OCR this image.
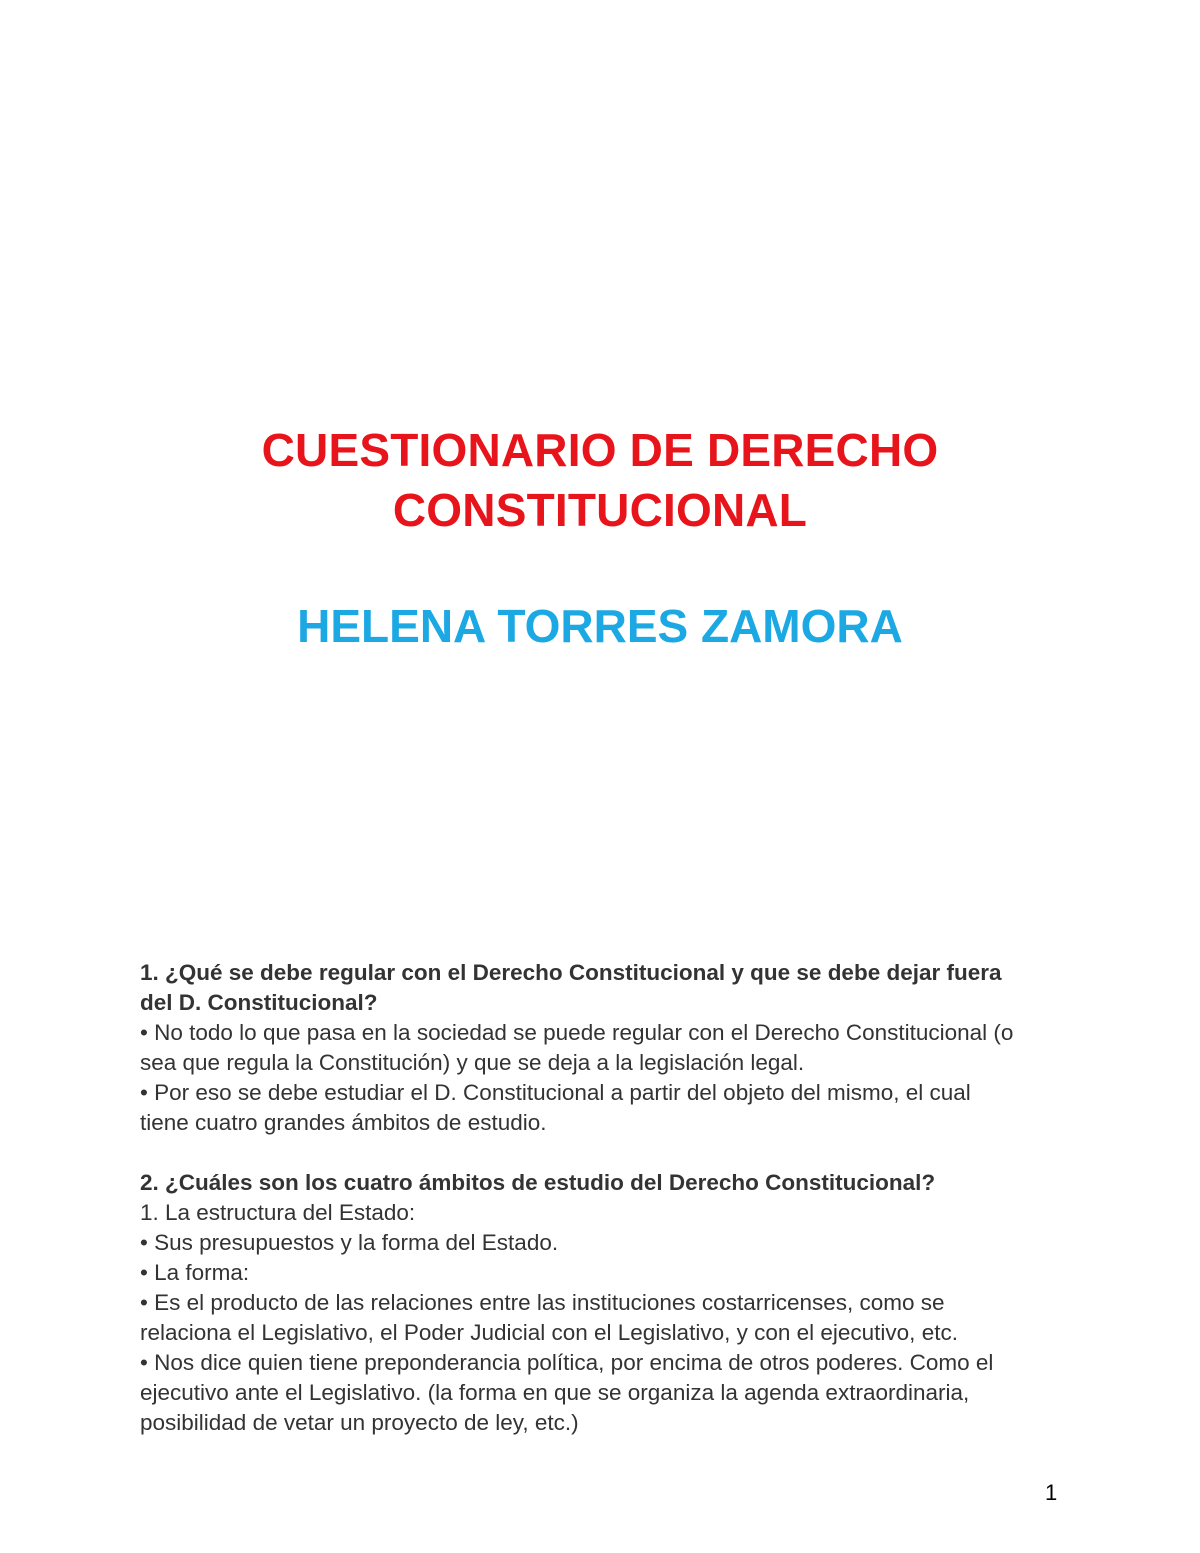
CUESTIONARIO DE DERECHO
CONSTITUCIONAL
HELENA TORRES ZAMORA

1. ¿Qué se debe regular con el Derecho Constitucional y que se debe dejar fuera

del D. Constitucional?

• No todo lo que pasa en la sociedad se puede regular con el Derecho Constitucional (o

sea que regula la Constitución) y que se deja a la legislación legal.

• Por eso se debe estudiar el D. Constitucional a partir del objeto del mismo, el cual

tiene cuatro grandes ámbitos de estudio.

2. ¿Cuáles son los cuatro ámbitos de estudio del Derecho Constitucional?

1. La estructura del Estado:

• Sus presupuestos y la forma del Estado.

• La forma:

• Es el producto de las relaciones entre las instituciones costarricenses, como se

relaciona el Legislativo, el Poder Judicial con el Legislativo, y con el ejecutivo, etc.

• Nos dice quien tiene preponderancia política, por encima de otros poderes. Como el

ejecutivo ante el Legislativo. (la forma en que se organiza la agenda extraordinaria,

posibilidad de vetar un proyecto de ley, etc.)

1
